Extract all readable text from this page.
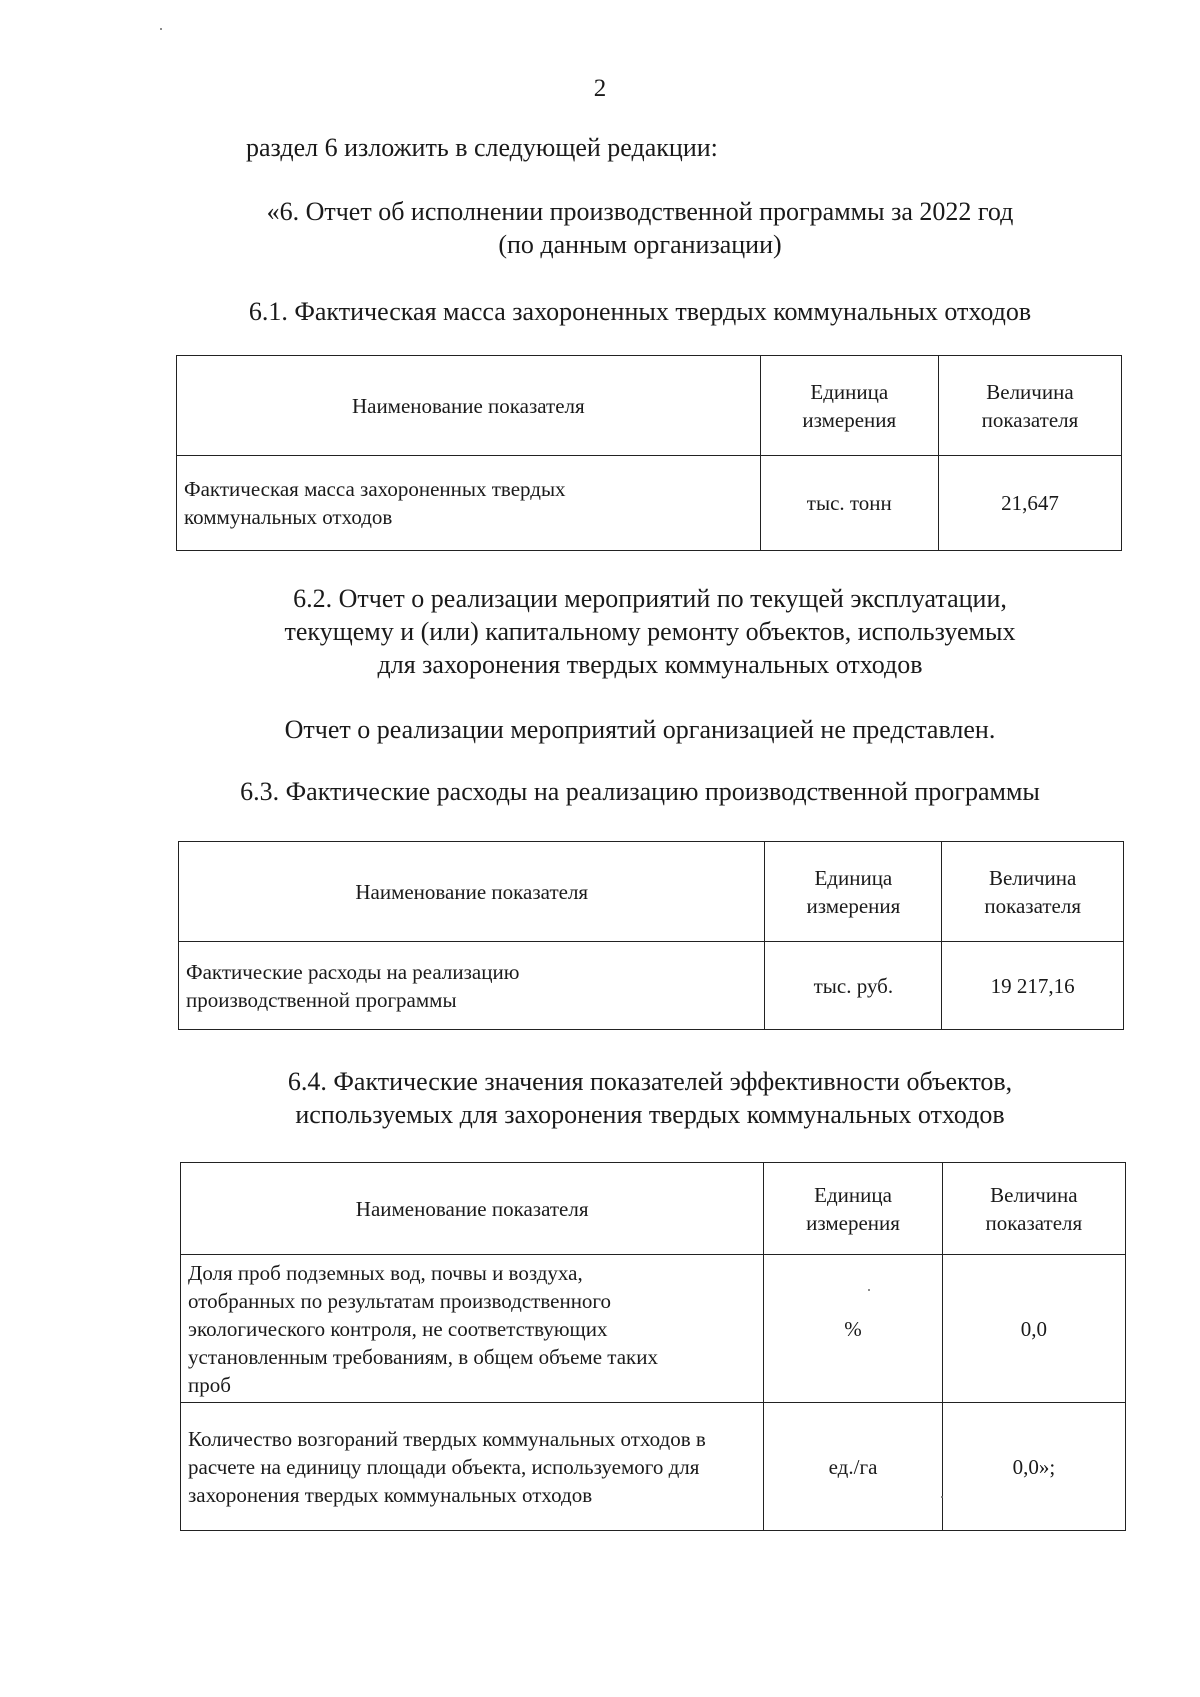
2
раздел 6 изложить в следующей редакции:
«6. Отчет об исполнении производственной программы за 2022 год
(по данным организации)
6.1. Фактическая масса захороненных твердых коммунальных отходов
Наименование показателя	Единица измерения	Величина показателя
Фактическая масса захороненных твердых коммунальных отходов	тыс. тонн	21,647
6.2. Отчет о реализации мероприятий по текущей эксплуатации,
текущему и (или) капитальному ремонту объектов, используемых
для захоронения твердых коммунальных отходов
Отчет о реализации мероприятий организацией не представлен.
6.3. Фактические расходы на реализацию производственной программы
Наименование показателя	Единица измерения	Величина показателя
Фактические расходы на реализацию производственной программы	тыс. руб.	19 217,16
6.4. Фактические значения показателей эффективности объектов,
используемых для захоронения твердых коммунальных отходов
Наименование показателя	Единица измерения	Величина показателя
Доля проб подземных вод, почвы и воздуха, отобранных по результатам производственного экологического контроля, не соответствующих установленным требованиям, в общем объеме таких проб	%	0,0
Количество возгораний твердых коммунальных отходов в расчете на единицу площади объекта, используемого для захоронения твердых коммунальных отходов	ед./га	0,0»;
